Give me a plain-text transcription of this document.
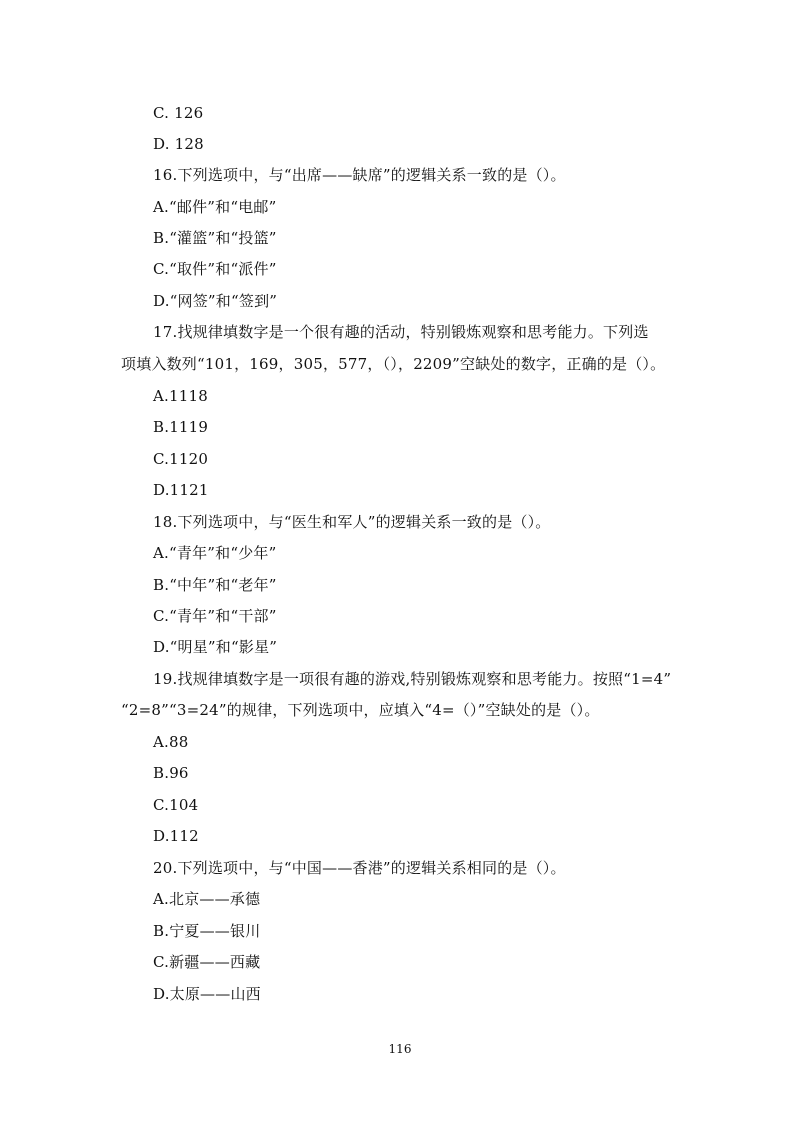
C. 126
D. 128
16.下列选项中，与“出席——缺席”的逻辑关系一致的是（）。
A.“邮件”和“电邮”
B.“灌篮”和“投篮”
C.“取件”和“派件”
D.“网签”和“签到”
17.找规律填数字是一个很有趣的活动，特别锻炼观察和思考能力。下列选
项填入数列“101，169，305，577，（），2209”空缺处的数字，正确的是（）。
A.1118
B.1119
C.1120
D.1121
18.下列选项中，与“医生和军人”的逻辑关系一致的是（）。
A.“青年”和“少年”
B.“中年”和“老年”
C.“青年”和“干部”
D.“明星”和“影星”
19.找规律填数字是一项很有趣的游戏,特别锻炼观察和思考能力。按照“1=4”
“2=8”“3=24”的规律，下列选项中，应填入“4=（）”空缺处的是（）。
A.88
B.96
C.104
D.112
20.下列选项中，与“中国——香港”的逻辑关系相同的是（）。
A.北京——承德
B.宁夏——银川
C.新疆——西藏
D.太原——山西
116
